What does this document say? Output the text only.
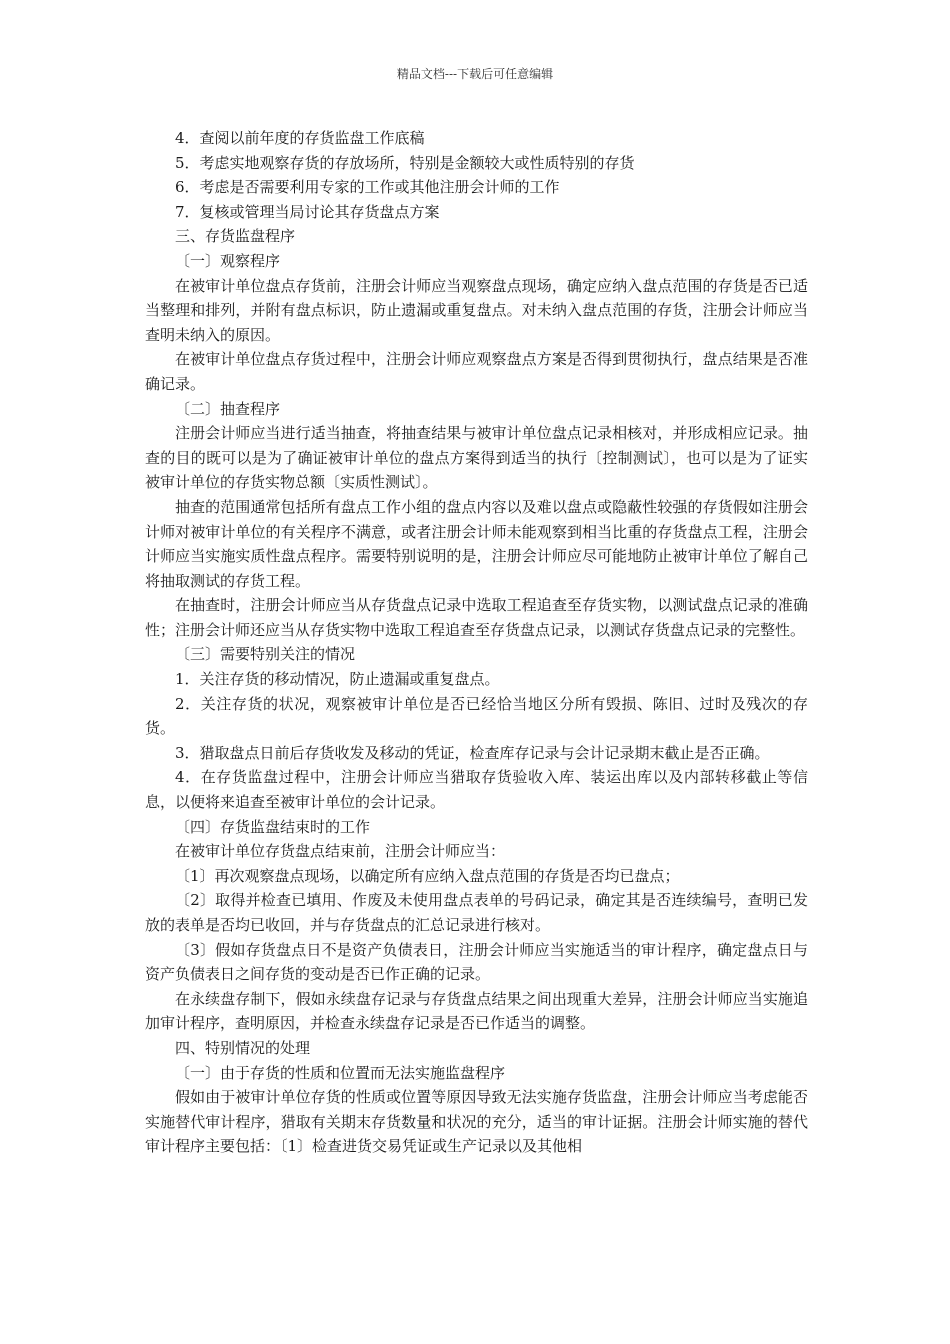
精品文档---下载后可任意编辑

4．查阅以前年度的存货监盘工作底稿

5．考虑实地观察存货的存放场所，特别是金额较大或性质特别的存货

6．考虑是否需要利用专家的工作或其他注册会计师的工作

7．复核或管理当局讨论其存货盘点方案

三、存货监盘程序

〔一〕观察程序

在被审计单位盘点存货前，注册会计师应当观察盘点现场，确定应纳入盘点范围的存货是否已适当整理和排列，并附有盘点标识，防止遗漏或重复盘点。对未纳入盘点范围的存货，注册会计师应当查明未纳入的原因。

在被审计单位盘点存货过程中，注册会计师应观察盘点方案是否得到贯彻执行，盘点结果是否准确记录。

〔二〕抽查程序

注册会计师应当进行适当抽查，将抽查结果与被审计单位盘点记录相核对，并形成相应记录。抽查的目的既可以是为了确证被审计单位的盘点方案得到适当的执行〔控制测试〕，也可以是为了证实被审计单位的存货实物总额〔实质性测试〕。

抽查的范围通常包括所有盘点工作小组的盘点内容以及难以盘点或隐蔽性较强的存货假如注册会计师对被审计单位的有关程序不满意，或者注册会计师未能观察到相当比重的存货盘点工程，注册会计师应当实施实质性盘点程序。需要特别说明的是，注册会计师应尽可能地防止被审计单位了解自己将抽取测试的存货工程。

在抽查时，注册会计师应当从存货盘点记录中选取工程追查至存货实物，以测试盘点记录的准确性；注册会计师还应当从存货实物中选取工程追查至存货盘点记录，以测试存货盘点记录的完整性。

〔三〕需要特别关注的情况

1．关注存货的移动情况，防止遗漏或重复盘点。

2．关注存货的状况，观察被审计单位是否已经恰当地区分所有毁损、陈旧、过时及残次的存货。

3．猎取盘点日前后存货收发及移动的凭证，检查库存记录与会计记录期末截止是否正确。

4．在存货监盘过程中，注册会计师应当猎取存货验收入库、装运出库以及内部转移截止等信息，以便将来追查至被审计单位的会计记录。

〔四〕存货监盘结束时的工作

在被审计单位存货盘点结束前，注册会计师应当：

〔1〕再次观察盘点现场，以确定所有应纳入盘点范围的存货是否均已盘点；

〔2〕取得并检查已填用、作废及未使用盘点表单的号码记录，确定其是否连续编号，查明已发放的表单是否均已收回，并与存货盘点的汇总记录进行核对。

〔3〕假如存货盘点日不是资产负债表日，注册会计师应当实施适当的审计程序，确定盘点日与资产负债表日之间存货的变动是否已作正确的记录。

在永续盘存制下，假如永续盘存记录与存货盘点结果之间出现重大差异，注册会计师应当实施追加审计程序，查明原因，并检查永续盘存记录是否已作适当的调整。

四、特别情况的处理

〔一〕由于存货的性质和位置而无法实施监盘程序

假如由于被审计单位存货的性质或位置等原因导致无法实施存货监盘，注册会计师应当考虑能否实施替代审计程序，猎取有关期末存货数量和状况的充分，适当的审计证据。注册会计师实施的替代审计程序主要包括：〔1〕检查进货交易凭证或生产记录以及其他相
